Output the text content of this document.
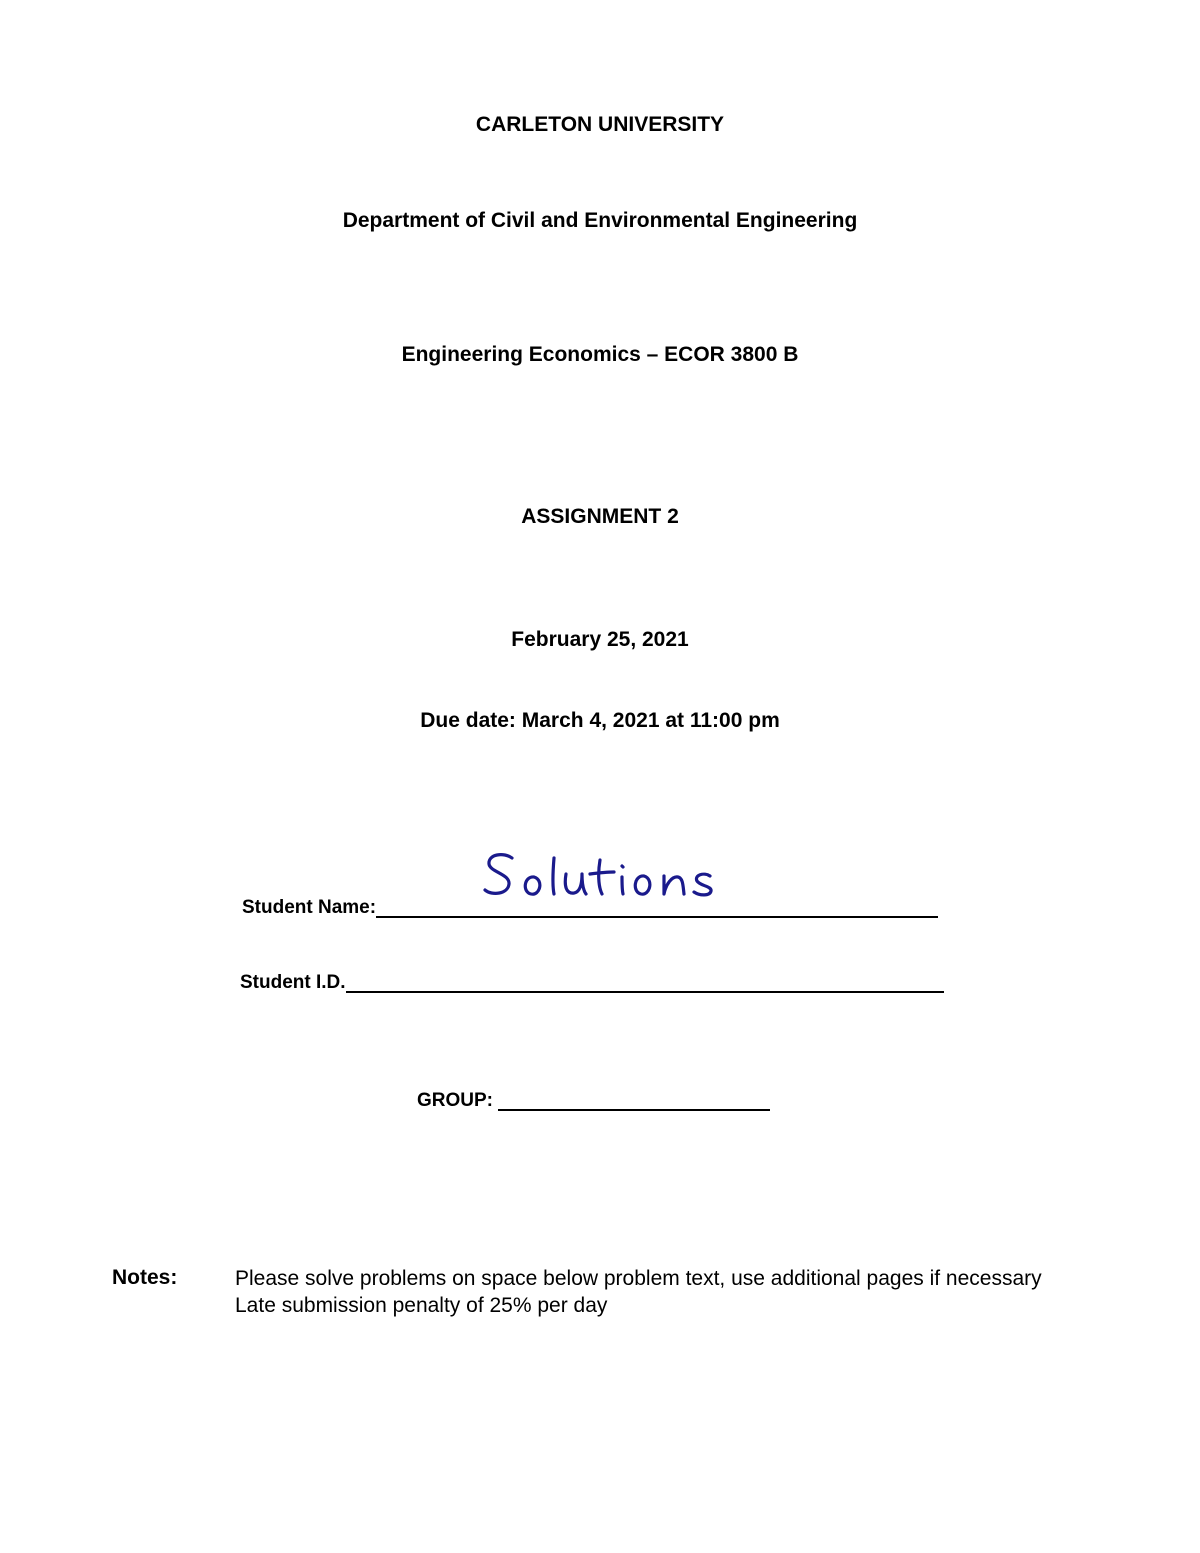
CARLETON UNIVERSITY
Department of Civil and Environmental Engineering
Engineering Economics – ECOR 3800 B
ASSIGNMENT 2
February 25, 2021
Due date: March 4, 2021 at 11:00 pm
Student Name:
Student I.D.
GROUP:
Notes:	Please solve problems on space below problem text, use additional pages if necessary
Late submission penalty of 25% per day
